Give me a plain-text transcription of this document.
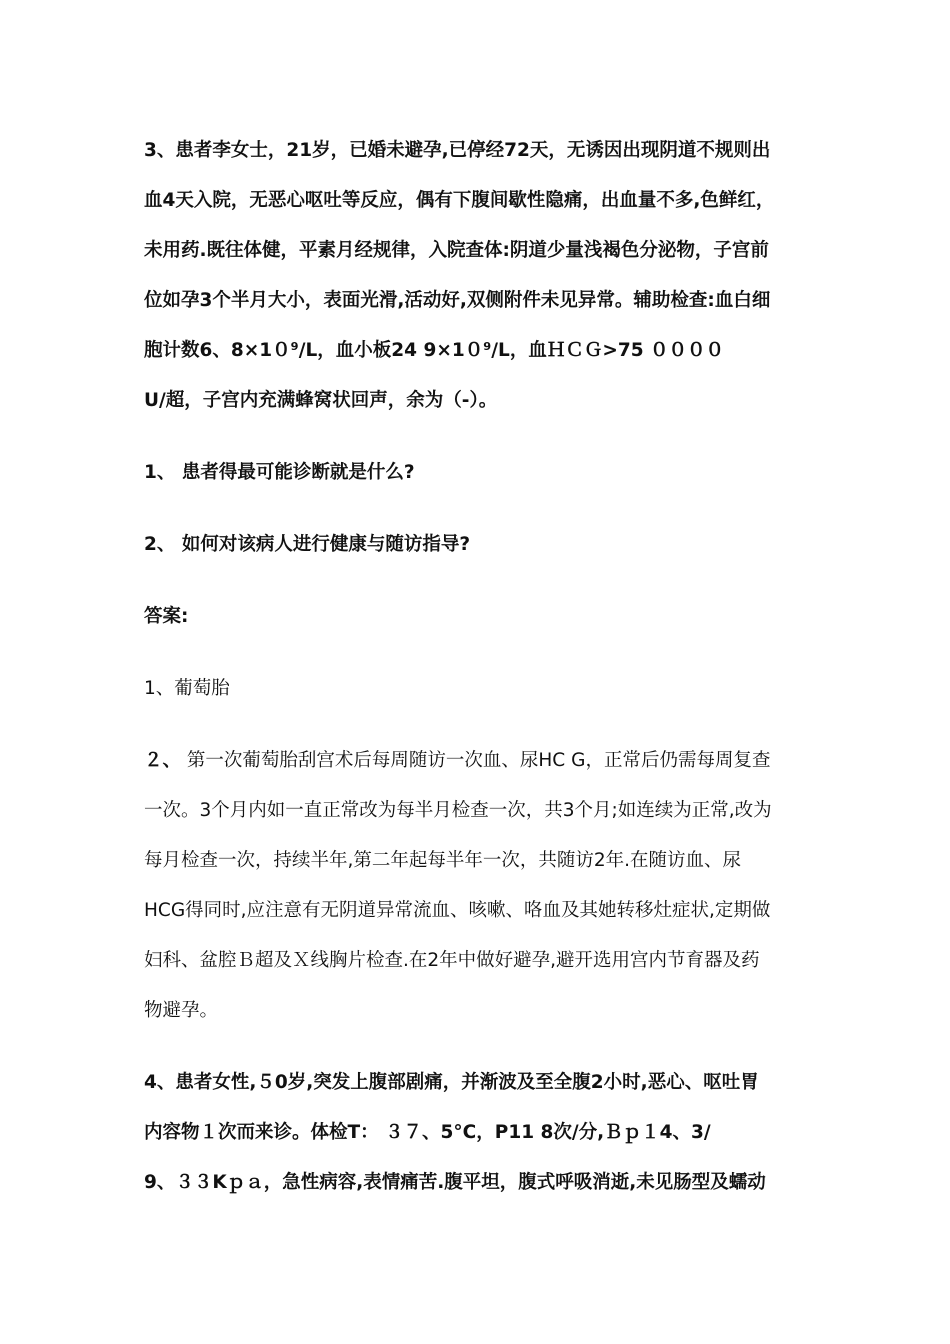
3、患者李女士，21岁，已婚未避孕,已停经72天，无诱因出现阴道不规则出
血4天入院，无恶心呕吐等反应，偶有下腹间歇性隐痛，出血量不多,色鲜红，
未用药.既往体健，平素月经规律，入院查体:阴道少量浅褐色分泌物，子宫前
位如孕3个半月大小，表面光滑,活动好,双侧附件未见异常。辅助检查:血白细
胞计数6、8×1０⁹/L，血小板24 9×1０⁹/L，血ＨＣＧ>75 ００００
U/超，子宫内充满蜂窝状回声，余为（-）。
1、 患者得最可能诊断就是什么?
2、 如何对该病人进行健康与随访指导?
答案:
1、葡萄胎
２、 第一次葡萄胎刮宫术后每周随访一次血、尿HC G，正常后仍需每周复查
一次。3个月内如一直正常改为每半月检查一次，共3个月;如连续为正常,改为
每月检查一次，持续半年,第二年起每半年一次，共随访2年.在随访血、尿
HCG得同时,应注意有无阴道异常流血、咳嗽、咯血及其她转移灶症状,定期做
妇科、盆腔Ｂ超及Ｘ线胸片检查.在2年中做好避孕,避开选用宫内节育器及药
物避孕。
4、患者女性,５0岁,突发上腹部剧痛，并渐波及至全腹2小时,恶心、呕吐胃
内容物１次而来诊。体检T： ３７、5°C，P11 8次/分,Ｂｐ１4、3/
9、３３Kｐａ，急性病容,表情痛苦.腹平坦，腹式呼吸消逝,未见肠型及蠕动
